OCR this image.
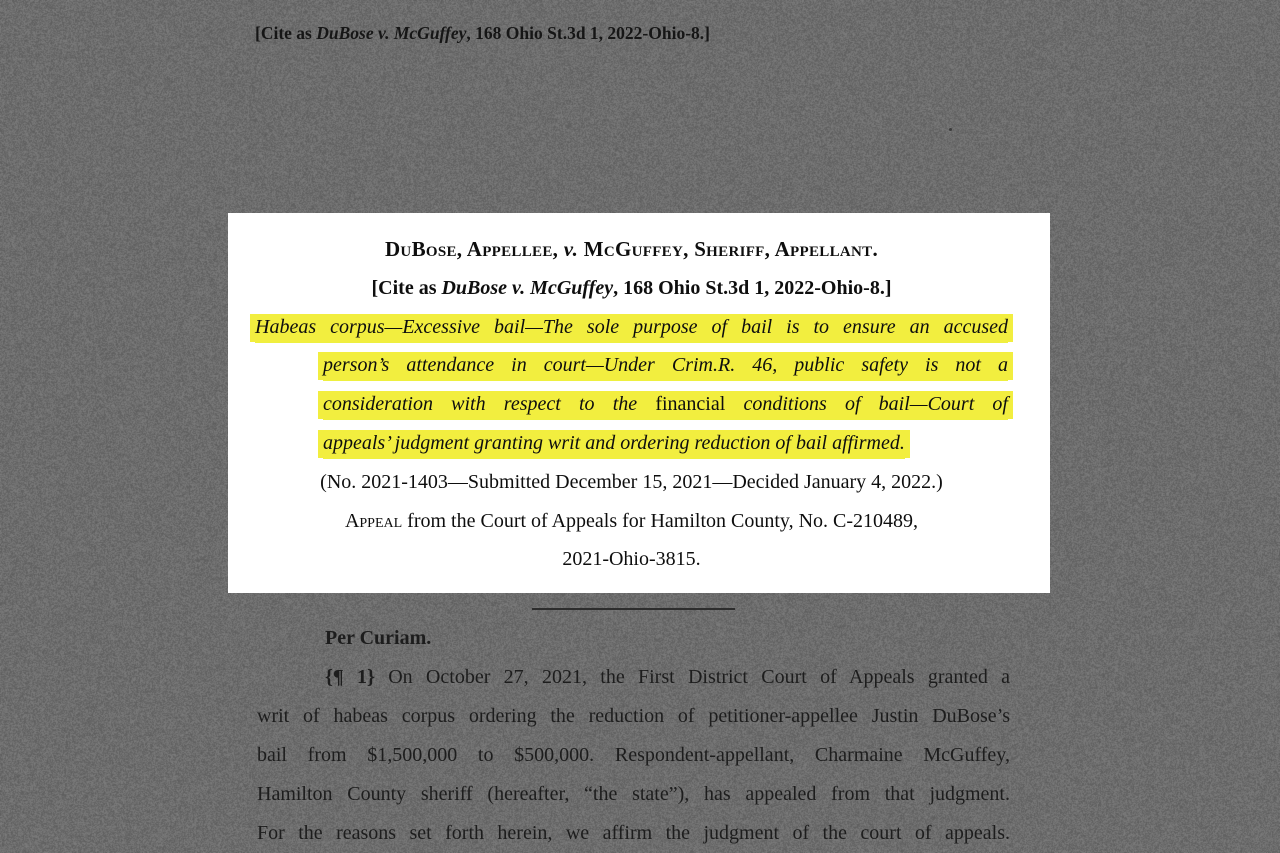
[Cite as DuBose v. McGuffey, 168 Ohio St.3d 1, 2022-Ohio-8.]
DuBose, Appellee, v. McGuffey, Sheriff, Appellant.
[Cite as DuBose v. McGuffey, 168 Ohio St.3d 1, 2022-Ohio-8.]
Habeas corpus—Excessive bail—The sole purpose of bail is to ensure an accused
person’s attendance in court—Under Crim.R. 46, public safety is not a
consideration with respect to the financial conditions of bail—Court of
appeals’ judgment granting writ and ordering reduction of bail affirmed.
(No. 2021-1403—Submitted December 15, 2021—Decided January 4, 2022.)
Appeal from the Court of Appeals for Hamilton County, No. C-210489,
2021-Ohio-3815.
Per Curiam.
{¶ 1} On October 27, 2021, the First District Court of Appeals granted a
writ of habeas corpus ordering the reduction of petitioner-appellee Justin DuBose’s
bail from $1,500,000 to $500,000. Respondent-appellant, Charmaine McGuffey,
Hamilton County sheriff (hereafter, “the state”), has appealed from that judgment.
For the reasons set forth herein, we affirm the judgment of the court of appeals.
